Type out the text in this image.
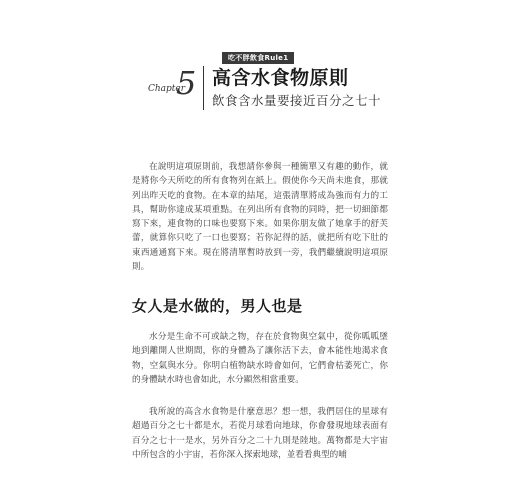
吃不胖飲食Rule1
Chapter
5 高含水食物原則
飲食含水量要接近百分之七十

在說明這項原則前，我想請你參與一種簡單又有趣的動作，就是將你今天所吃的所有食物列在紙上。假使你今天尚未進食，那就列出昨天吃的食物。在本章的結尾，這張清單將成為強而有力的工具，幫助你達成某項重點。在列出所有食物的同時，把一切細節都寫下來，連食物的口味也要寫下來。如果你朋友做了她拿手的舒芙蕾，就算你只吃了一口也要寫；若你記得的話，就把所有吃下肚的東西通通寫下來。現在將清單暫時放到一旁，我們繼續說明這項原則。

女人是水做的，男人也是

水分是生命不可或缺之物，存在於食物與空氣中，從你呱呱墜地到離開人世期間，你的身體為了讓你活下去，會本能性地渴求食物，空氣與水分。你明白植物缺水時會如何，它們會枯萎死亡，你的身體缺水時也會如此，水分顯然相當重要。

我所說的高含水食物是什麼意思？想一想，我們居住的星球有超過百分之七十都是水，若從月球看向地球，你會發現地球表面有百分之七十一是水，另外百分之二十九則是陸地。萬物都是大宇宙中所包含的小宇宙，若你深入探索地球，並看看典型的哺
